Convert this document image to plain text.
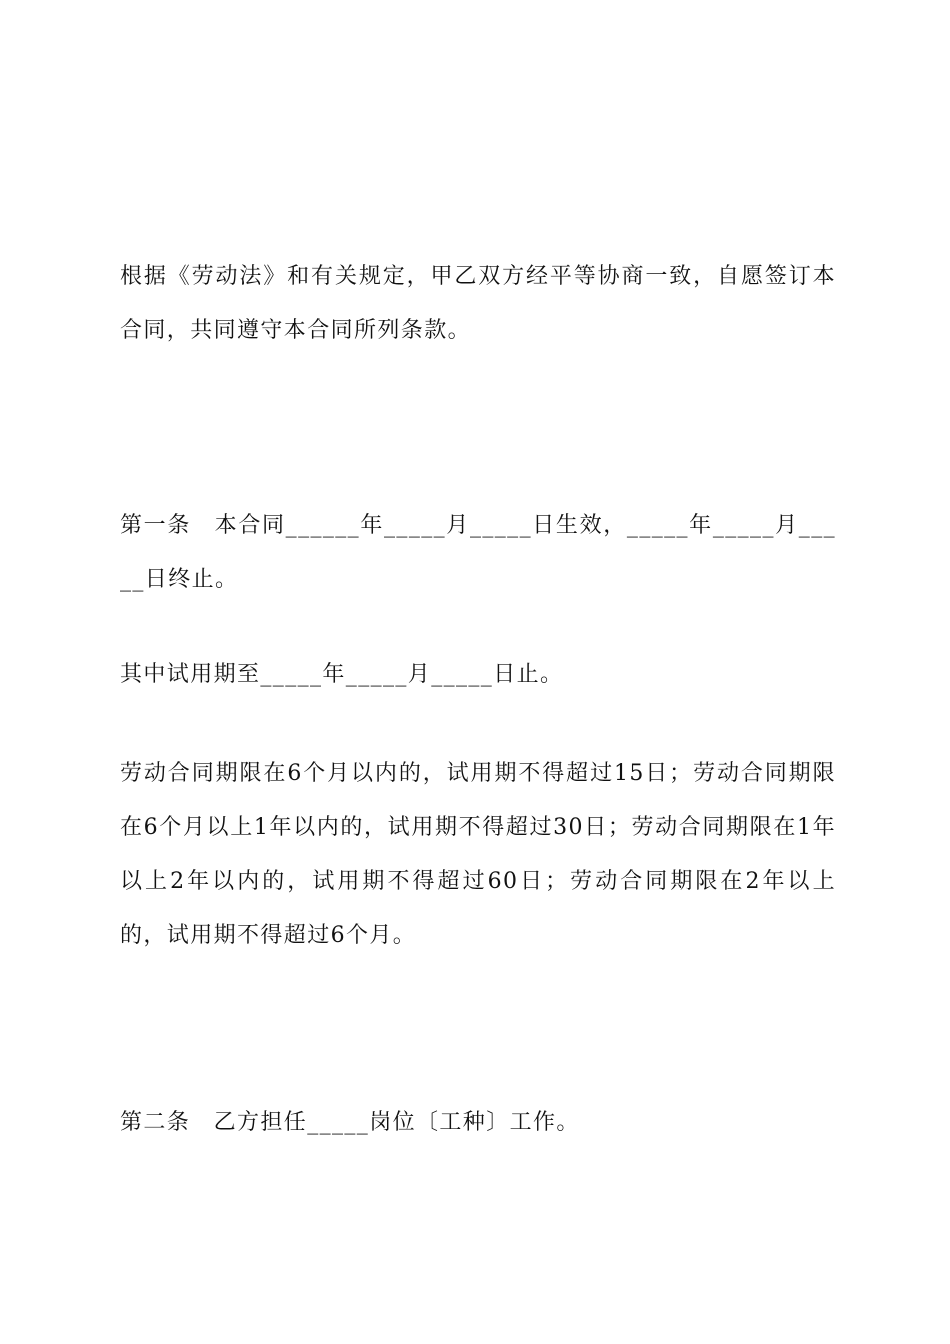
根据《劳动法》和有关规定，甲乙双方经平等协商一致，自愿签订本合同，共同遵守本合同所列条款。

第一条　本合同______年_____月_____日生效，_____年_____月_____日终止。

其中试用期至_____年_____月_____日止。

劳动合同期限在6个月以内的，试用期不得超过15日；劳动合同期限在6个月以上1年以内的，试用期不得超过30日；劳动合同期限在1年以上2年以内的，试用期不得超过60日；劳动合同期限在2年以上的，试用期不得超过6个月。

第二条　乙方担任_____岗位〔工种〕工作。
